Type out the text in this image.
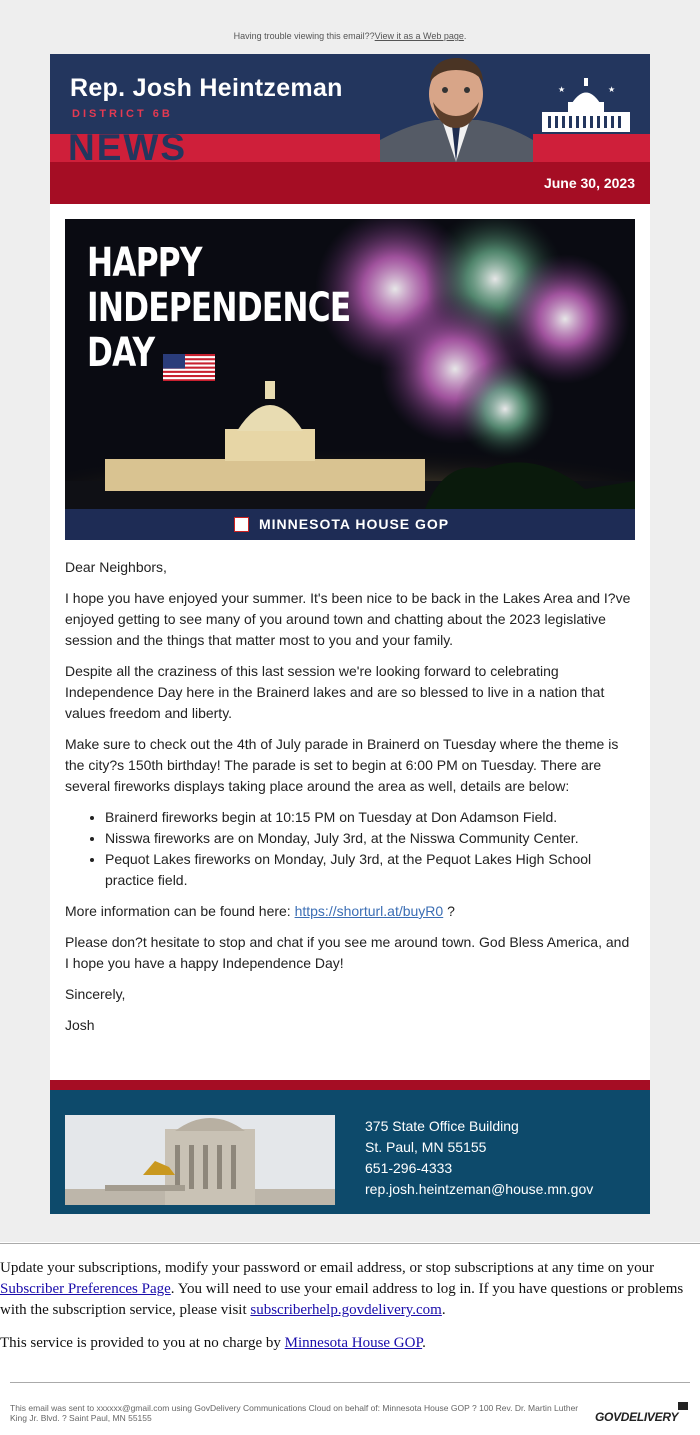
Having trouble viewing this email??View it as a Web page.
Rep. Josh Heintzeman
DISTRICT 6B
NEWS
★	★
June 30, 2023
HAPPY
INDEPENDENCE
DAY
MINNESOTA HOUSE GOP

Dear Neighbors,

I hope you have enjoyed your summer. It's been nice to be back in the Lakes Area and I?ve enjoyed getting to see many of you around town and chatting about the 2023 legislative session and the things that matter most to you and your family.

Despite all the craziness of this last session we're looking forward to celebrating Independence Day here in the Brainerd lakes and are so blessed to live in a nation that values freedom and liberty.

Make sure to check out the 4th of July parade in Brainerd on Tuesday where the theme is the city?s 150th birthday! The parade is set to begin at 6:00 PM on Tuesday. There are several fireworks displays taking place around the area as well, details are below:

• Brainerd fireworks begin at 10:15 PM on Tuesday at Don Adamson Field.
• Nisswa fireworks are on Monday, July 3rd, at the Nisswa Community Center.
• Pequot Lakes fireworks on Monday, July 3rd, at the Pequot Lakes High School practice field.

More information can be found here: https://shorturl.at/buyR0 ?

Please don?t hesitate to stop and chat if you see me around town. God Bless America, and I hope you have a happy Independence Day!

Sincerely,

Josh

375 State Office Building
St. Paul, MN 55155
651-296-4333
rep.josh.heintzeman@house.mn.gov

Update your subscriptions, modify your password or email address, or stop subscriptions at any time on your Subscriber Preferences Page. You will need to use your email address to log in. If you have questions or problems with the subscription service, please visit subscriberhelp.govdelivery.com.

This service is provided to you at no charge by Minnesota House GOP.

This email was sent to xxxxxx@gmail.com using GovDelivery Communications Cloud on behalf of: Minnesota House GOP ? 100 Rev. Dr. Martin Luther King Jr. Blvd. ? Saint Paul, MN 55155	GOVDELIVERY
